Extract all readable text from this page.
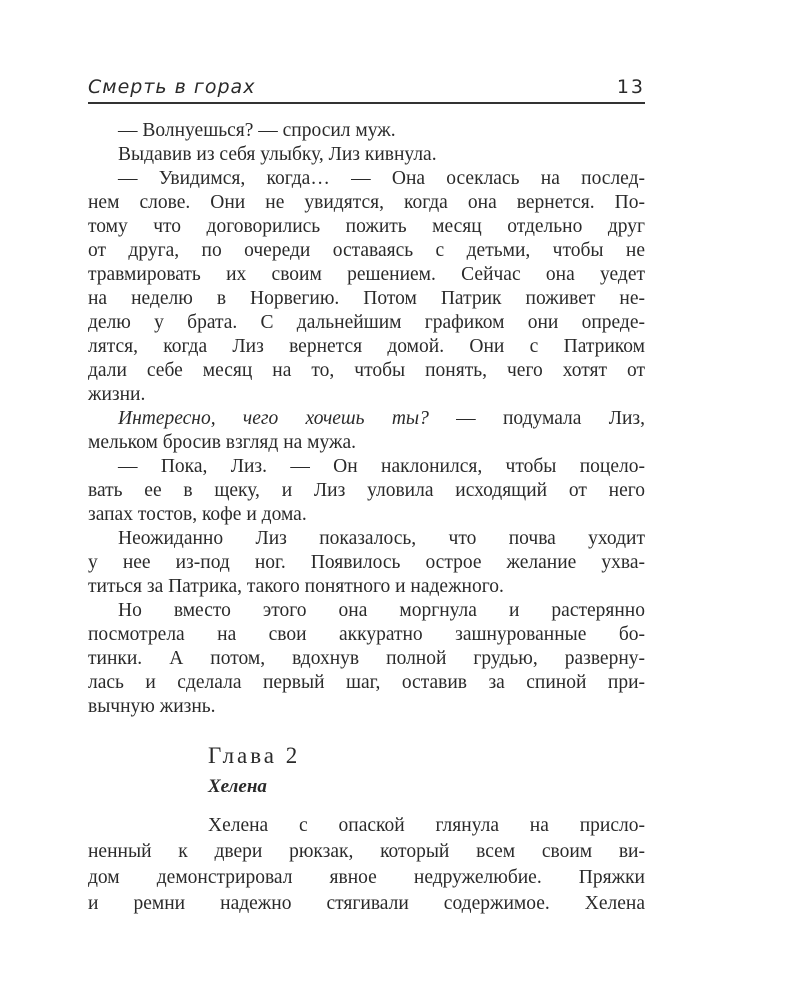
Смерть в горах	13
— Волнуешься? — спросил муж.
Выдавив из себя улыбку, Лиз кивнула.
— Увидимся, когда… — Она осеклась на послед-
нем слове. Они не увидятся, когда она вернется. По-
тому что договорились пожить месяц отдельно друг
от друга, по очереди оставаясь с детьми, чтобы не
травмировать их своим решением. Сейчас она уедет
на неделю в Норвегию. Потом Патрик поживет не-
делю у брата. С дальнейшим графиком они опреде-
лятся, когда Лиз вернется домой. Они с Патриком
дали себе месяц на то, чтобы понять, чего хотят от
жизни.
Интересно, чего хочешь ты? — подумала Лиз,
мельком бросив взгляд на мужа.
— Пока, Лиз. — Он наклонился, чтобы поцело-
вать ее в щеку, и Лиз уловила исходящий от него
запах тостов, кофе и дома.
Неожиданно Лиз показалось, что почва уходит
у нее из-под ног. Появилось острое желание ухва-
титься за Патрика, такого понятного и надежного.
Но вместо этого она моргнула и растерянно
посмотрела на свои аккуратно зашнурованные бо-
тинки. А потом, вдохнув полной грудью, разверну-
лась и сделала первый шаг, оставив за спиной при-
вычную жизнь.
Глава 2
Хелена
Хелена с опаской глянула на присло-
ненный к двери рюкзак, который всем своим ви-
дом демонстрировал явное недружелюбие. Пряжки
и ремни надежно стягивали содержимое. Хелена
